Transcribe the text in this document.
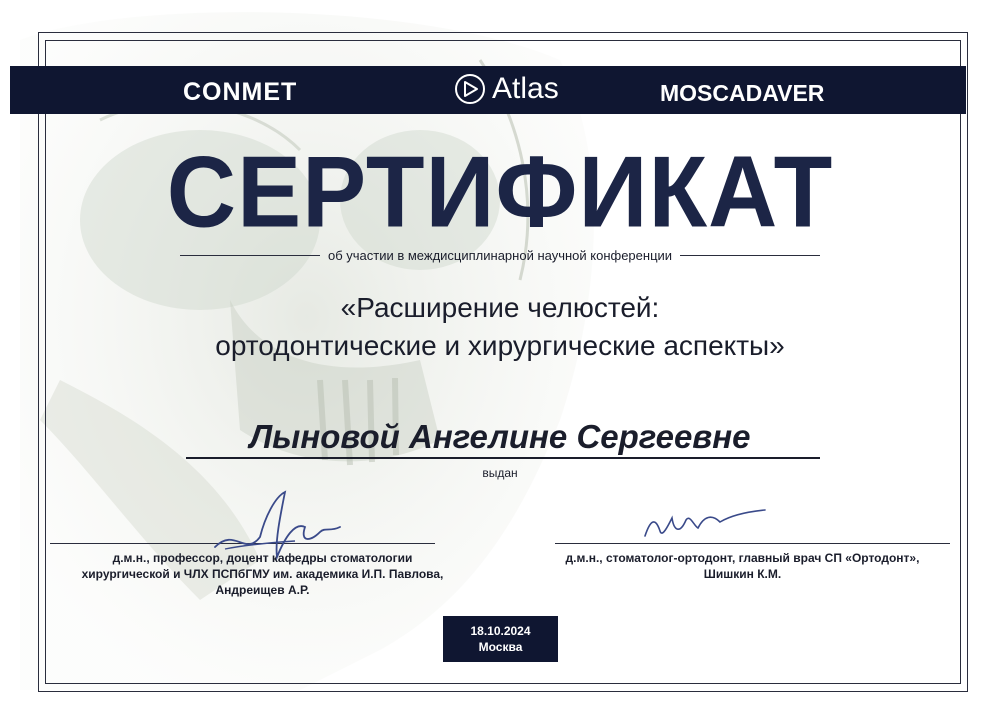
CONMET	Atlas	MOSCADAVER
СЕРТИФИКАТ
об участии в междисциплинарной научной конференции
«Расширение челюстей:
ортодонтические и хирургические аспекты»
Лыновой Ангелине Сергеевне
выдан
д.м.н., профессор, доцент кафедры стоматологии
хирургической и ЧЛХ ПСПбГМУ им. академика И.П. Павлова,
Андреищев А.Р.
д.м.н., стоматолог-ортодонт, главный врач СП «Ортодонт»,
Шишкин К.М.
18.10.2024
Москва
